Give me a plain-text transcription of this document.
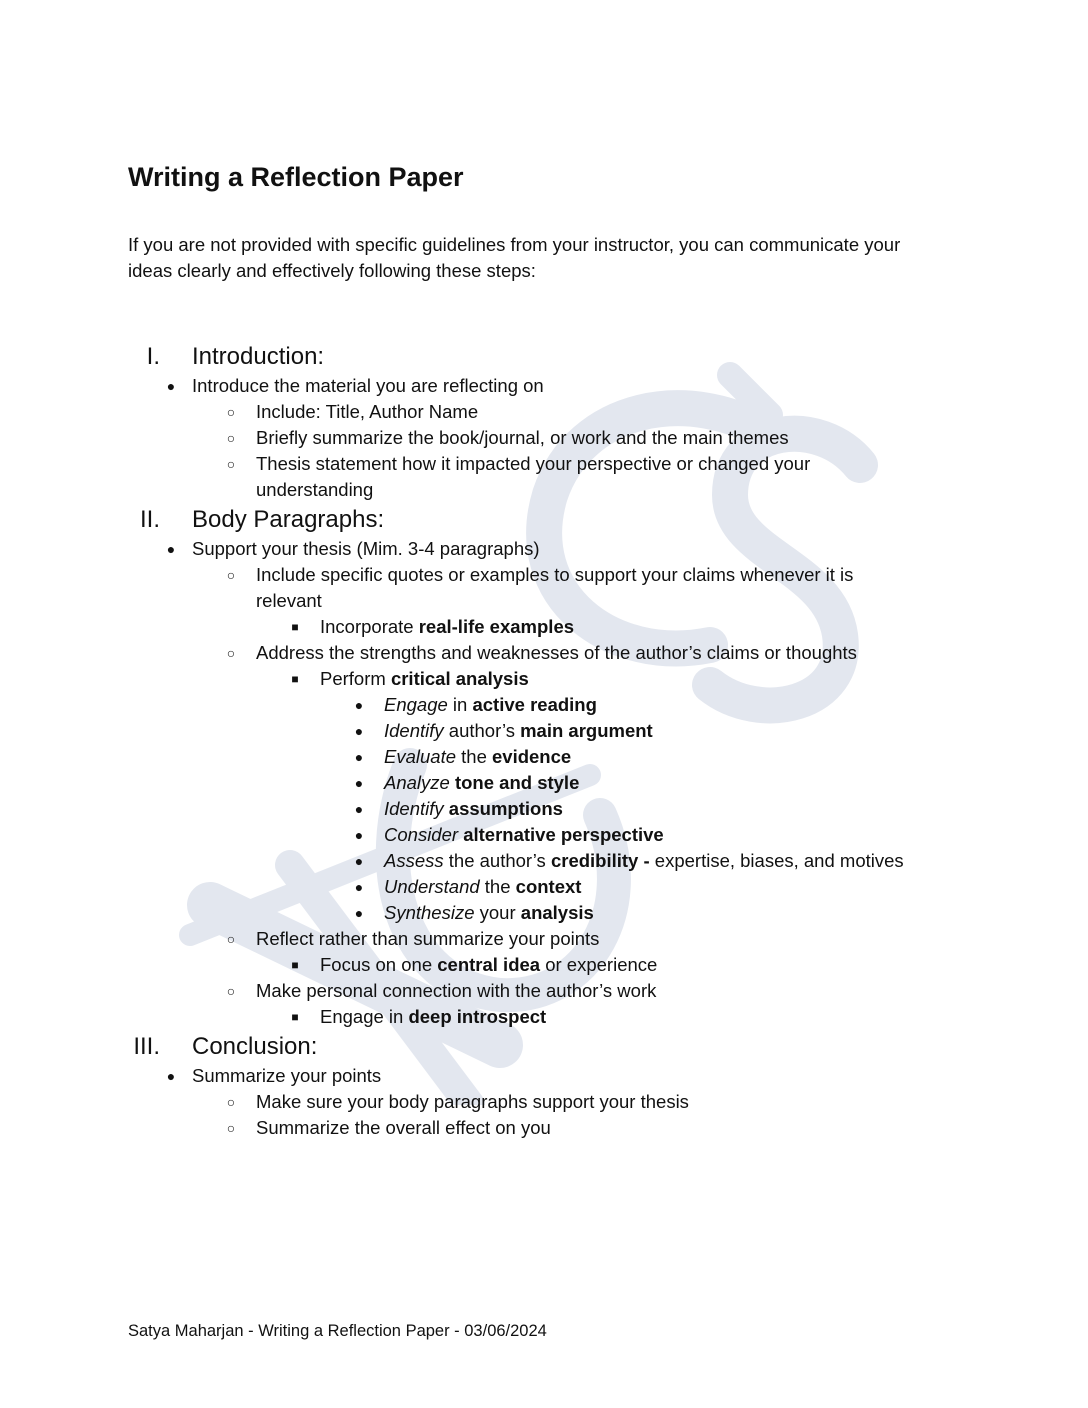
KUCS
Writing a Reflection Paper

If you are not provided with specific guidelines from your instructor, you can communicate your
ideas clearly and effectively following these steps:

I. Introduction:
● Introduce the material you are reflecting on
○	Include: Title, Author Name
○	Briefly summarize the book/journal, or work and the main themes
○	Thesis statement how it impacted your perspective or changed your
understanding
II. Body Paragraphs:
● Support your thesis (Mim. 3-4 paragraphs)
○	Include specific quotes or examples to support your claims whenever it is
relevant
■	Incorporate real-life examples
○	Address the strengths and weaknesses of the author’s claims or thoughts
■	Perform critical analysis
●	Engage in active reading
●	Identify author’s main argument
●	Evaluate the evidence
●	Analyze tone and style
●	Identify assumptions
●	Consider alternative perspective
●	Assess the author’s credibility - expertise, biases, and motives
●	Understand the context
●	Synthesize your analysis
○	Reflect rather than summarize your points
■	Focus on one central idea or experience
○	Make personal connection with the author’s work
■	Engage in deep introspect
III. Conclusion:
● Summarize your points
○	Make sure your body paragraphs support your thesis
○	Summarize the overall effect on you

Satya Maharjan - Writing a Reflection Paper - 03/06/2024
